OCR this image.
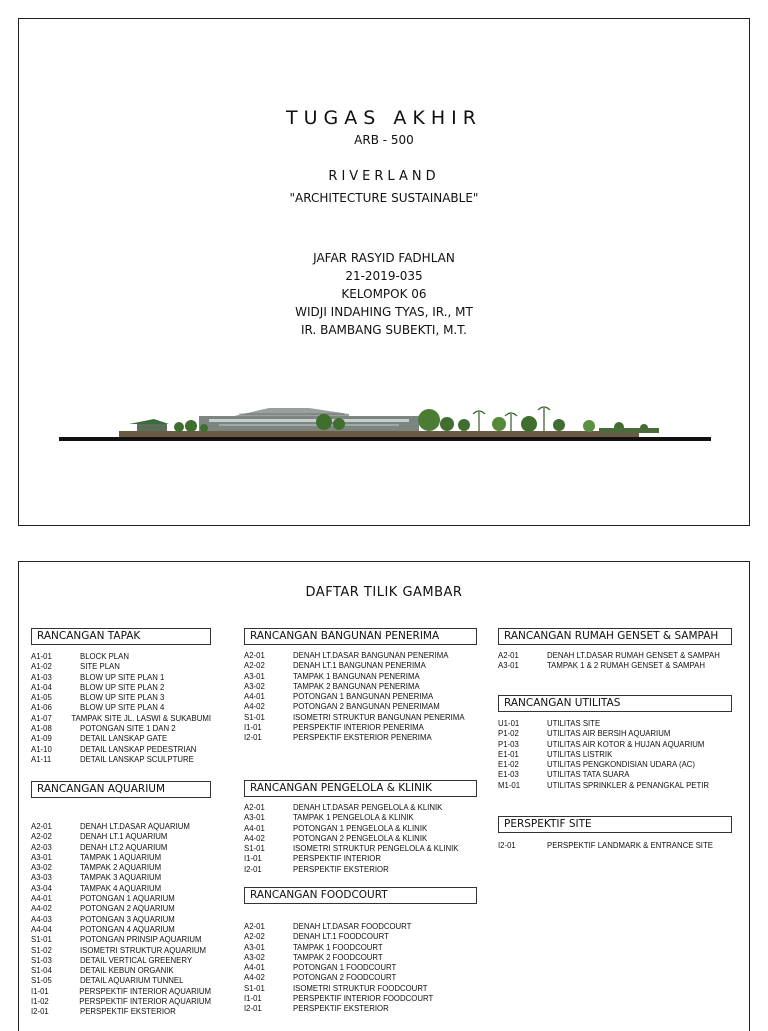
TUGAS AKHIR
ARB - 500
RIVERLAND
"ARCHITECTURE SUSTAINABLE"
JAFAR RASYID FADHLAN
21-2019-035
KELOMPOK 06
WIDJI INDAHING TYAS, IR., MT
IR. BAMBANG SUBEKTI, M.T.
DAFTAR TILIK GAMBAR
RANCANGAN TAPAK
A1-01	BLOCK PLAN
A1-02	SITE PLAN
A1-03	BLOW UP SITE PLAN 1
A1-04	BLOW UP SITE PLAN 2
A1-05	BLOW UP SITE PLAN 3
A1-06	BLOW UP SITE PLAN 4
A1-07	TAMPAK SITE JL. LASWI & SUKABUMI
A1-08	POTONGAN SITE 1 DAN 2
A1-09	DETAIL LANSKAP GATE
A1-10	DETAIL LANSKAP PEDESTRIAN
A1-11	DETAIL LANSKAP SCULPTURE
RANCANGAN AQUARIUM
A2-01	DENAH LT.DASAR AQUARIUM
A2-02	DENAH LT.1 AQUARIUM
A2-03	DENAH LT.2 AQUARIUM
A3-01	TAMPAK 1 AQUARIUM
A3-02	TAMPAK 2 AQUARIUM
A3-03	TAMPAK 3 AQUARIUM
A3-04	TAMPAK 4 AQUARIUM
A4-01	POTONGAN 1 AQUARIUM
A4-02	POTONGAN 2 AQUARIUM
A4-03	POTONGAN 3 AQUARIUM
A4-04	POTONGAN 4 AQUARIUM
S1-01	POTONGAN PRINSIP AQUARIUM
S1-02	ISOMETRI STRUKTUR AQUARIUM
S1-03	DETAIL VERTICAL GREENERY
S1-04	DETAIL KEBUN ORGANIK
S1-05	DETAIL AQUARIUM TUNNEL
I1-01	PERSPEKTIF INTERIOR AQUARIUM
I1-02	PERSPEKTIF INTERIOR AQUARIUM
I2-01	PERSPEKTIF EKSTERIOR
RANCANGAN BANGUNAN PENERIMA
A2-01	DENAH LT.DASAR BANGUNAN PENERIMA
A2-02	DENAH LT.1 BANGUNAN PENERIMA
A3-01	TAMPAK 1 BANGUNAN PENERIMA
A3-02	TAMPAK 2 BANGUNAN PENERIMA
A4-01	POTONGAN 1 BANGUNAN PENERIMA
A4-02	POTONGAN 2 BANGUNAN PENERIMAM
S1-01	ISOMETRI STRUKTUR BANGUNAN PENERIMA
I1-01	PERSPEKTIF INTERIOR PENERIMA
I2-01	PERSPEKTIF EKSTERIOR PENERIMA
RANCANGAN PENGELOLA & KLINIK
A2-01	DENAH LT.DASAR PENGELOLA & KLINIK
A3-01	TAMPAK 1 PENGELOLA & KLINIK
A4-01	POTONGAN 1 PENGELOLA & KLINIK
A4-02	POTONGAN 2 PENGELOLA & KLINIK
S1-01	ISOMETRI STRUKTUR PENGELOLA & KLINIK
I1-01	PERSPEKTIF INTERIOR
I2-01	PERSPEKTIF EKSTERIOR
RANCANGAN FOODCOURT
A2-01	DENAH LT.DASAR FOODCOURT
A2-02	DENAH LT.1 FOODCOURT
A3-01	TAMPAK 1 FOODCOURT
A3-02	TAMPAK 2 FOODCOURT
A4-01	POTONGAN 1 FOODCOURT
A4-02	POTONGAN 2 FOODCOURT
S1-01	ISOMETRI STRUKTUR FOODCOURT
I1-01	PERSPEKTIF INTERIOR FOODCOURT
I2-01	PERSPEKTIF EKSTERIOR
RANCANGAN RUMAH GENSET & SAMPAH
A2-01	DENAH LT.DASAR RUMAH GENSET & SAMPAH
A3-01	TAMPAK 1 & 2 RUMAH GENSET & SAMPAH
RANCANGAN UTILITAS
U1-01	UTILITAS SITE
P1-02	UTILITAS AIR BERSIH AQUARIUM
P1-03	UTILITAS AIR KOTOR & HUJAN AQUARIUM
E1-01	UTILITAS LISTRIK
E1-02	UTILITAS PENGKONDISIAN UDARA (AC)
E1-03	UTILITAS TATA SUARA
M1-01	UTILITAS SPRINKLER & PENANGKAL PETIR
PERSPEKTIF SITE
I2-01	PERSPEKTIF LANDMARK & ENTRANCE SITE
